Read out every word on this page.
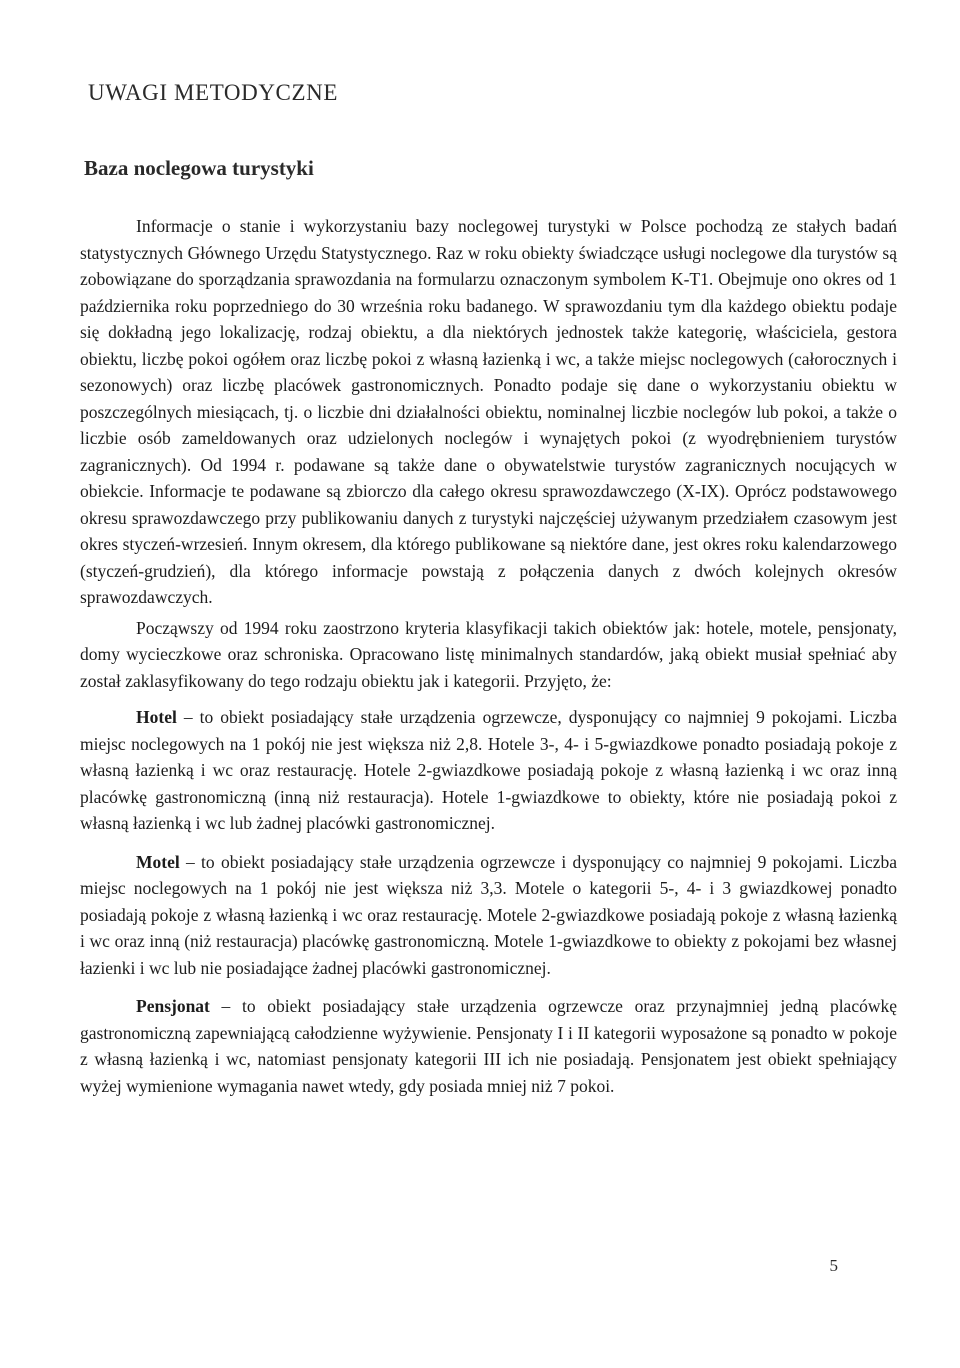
UWAGI METODYCZNE
Baza noclegowa turystyki

Informacje o stanie i wykorzystaniu bazy noclegowej turystyki w Polsce pochodzą ze stałych badań statystycznych Głównego Urzędu Statystycznego. Raz w roku obiekty świadczące usługi noclegowe dla turystów są zobowiązane do sporządzania sprawozdania na formularzu oznaczonym symbolem K-T1. Obejmuje ono okres od 1 października roku poprzedniego do 30 września roku badanego. W sprawozdaniu tym dla każdego obiektu podaje się dokładną jego lokalizację, rodzaj obiektu, a dla niektórych jednostek także kategorię, właściciela, gestora obiektu, liczbę pokoi ogółem oraz liczbę pokoi z własną łazienką i wc, a także miejsc noclegowych (całorocznych i sezonowych) oraz liczbę placówek gastronomicznych. Ponadto podaje się dane o wykorzystaniu obiektu w poszczególnych miesiącach, tj. o liczbie dni działalności obiektu, nominalnej liczbie noclegów lub pokoi, a także o liczbie osób zameldowanych oraz udzielonych noclegów i wynajętych pokoi (z wyodrębnieniem turystów zagranicznych). Od 1994 r. podawane są także dane o obywatelstwie turystów zagranicznych nocujących w obiekcie. Informacje te podawane są zbiorczo dla całego okresu sprawozdawczego (X-IX). Oprócz podstawowego okresu sprawozdawczego przy publikowaniu danych z turystyki najczęściej używanym przedziałem czasowym jest okres styczeń-wrzesień. Innym okresem, dla którego publikowane są niektóre dane, jest okres roku kalendarzowego (styczeń-grudzień), dla którego informacje powstają z połączenia danych z dwóch kolejnych okresów sprawozdawczych.

Począwszy od 1994 roku zaostrzono kryteria klasyfikacji takich obiektów jak: hotele, motele, pensjonaty, domy wycieczkowe oraz schroniska. Opracowano listę minimalnych standardów, jaką obiekt musiał spełniać aby został zaklasyfikowany do tego rodzaju obiektu jak i kategorii. Przyjęto, że:

Hotel – to obiekt posiadający stałe urządzenia ogrzewcze, dysponujący co najmniej 9 pokojami. Liczba miejsc noclegowych na 1 pokój nie jest większa niż 2,8. Hotele 3-, 4- i 5-gwiazdkowe ponadto posiadają pokoje z własną łazienką i wc oraz restaurację. Hotele 2-gwiazdkowe posiadają pokoje z własną łazienką i wc oraz inną placówkę gastronomiczną (inną niż restauracja). Hotele 1-gwiazdkowe to obiekty, które nie posiadają pokoi z własną łazienką i wc lub żadnej placówki gastronomicznej.

Motel – to obiekt posiadający stałe urządzenia ogrzewcze i dysponujący co najmniej 9 pokojami. Liczba miejsc noclegowych na 1 pokój nie jest większa niż 3,3. Motele o kategorii 5-, 4- i 3 gwiazdkowej ponadto posiadają pokoje z własną łazienką i wc oraz restaurację. Motele 2-gwiazdkowe posiadają pokoje z własną łazienką i wc oraz inną (niż restauracja) placówkę gastronomiczną. Motele 1-gwiazdkowe to obiekty z pokojami bez własnej łazienki i wc lub nie posiadające żadnej placówki gastronomicznej.

Pensjonat – to obiekt posiadający stałe urządzenia ogrzewcze oraz przynajmniej jedną placówkę gastronomiczną zapewniającą całodzienne wyżywienie. Pensjonaty I i II kategorii wyposażone są ponadto w pokoje z własną łazienką i wc, natomiast pensjonaty kategorii III ich nie posiadają. Pensjonatem jest obiekt spełniający wyżej wymienione wymagania nawet wtedy, gdy posiada mniej niż 7 pokoi.

5
